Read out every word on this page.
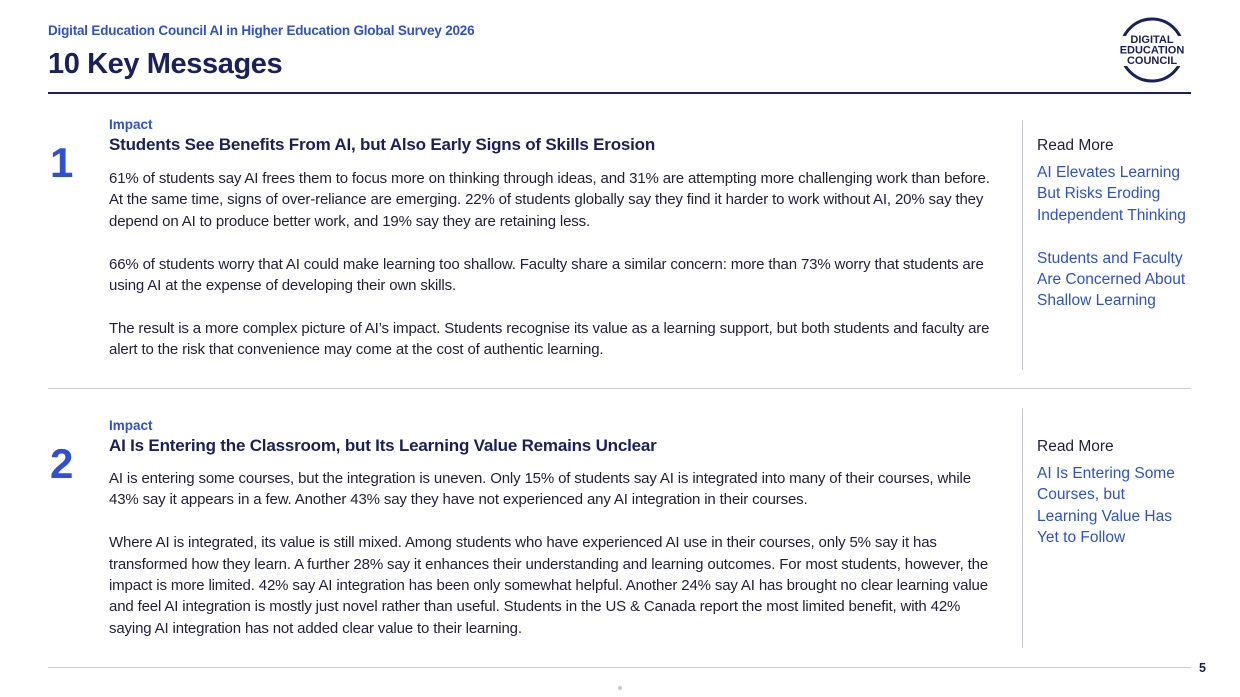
Digital Education Council AI in Higher Education Global Survey 2026
10 Key Messages
DIGITAL
EDUCATION
COUNCIL
1
Impact
Students See Benefits From AI, but Also Early Signs of Skills Erosion

61% of students say AI frees them to focus more on thinking through ideas, and 31% are attempting more challenging work than before. At the same time, signs of over-reliance are emerging. 22% of students globally say they find it harder to work without AI, 20% say they depend on AI to produce better work, and 19% say they are retaining less.

66% of students worry that AI could make learning too shallow. Faculty share a similar concern: more than 73% worry that students are using AI at the expense of developing their own skills.

The result is a more complex picture of AI’s impact. Students recognise its value as a learning support, but both students and faculty are alert to the risk that convenience may come at the cost of authentic learning.

Read More
AI Elevates Learning But Risks Eroding Independent Thinking
Students and Faculty Are Concerned About Shallow Learning
2
Impact
AI Is Entering the Classroom, but Its Learning Value Remains Unclear

AI is entering some courses, but the integration is uneven. Only 15% of students say AI is integrated into many of their courses, while 43% say it appears in a few. Another 43% say they have not experienced any AI integration in their courses.

Where AI is integrated, its value is still mixed. Among students who have experienced AI use in their courses, only 5% say it has transformed how they learn. A further 28% say it enhances their understanding and learning outcomes. For most students, however, the impact is more limited. 42% say AI integration has been only somewhat helpful. Another 24% say AI has brought no clear learning value and feel AI integration is mostly just novel rather than useful. Students in the US & Canada report the most limited benefit, with 42% saying AI integration has not added clear value to their learning.

Read More
AI Is Entering Some Courses, but Learning Value Has Yet to Follow
5
